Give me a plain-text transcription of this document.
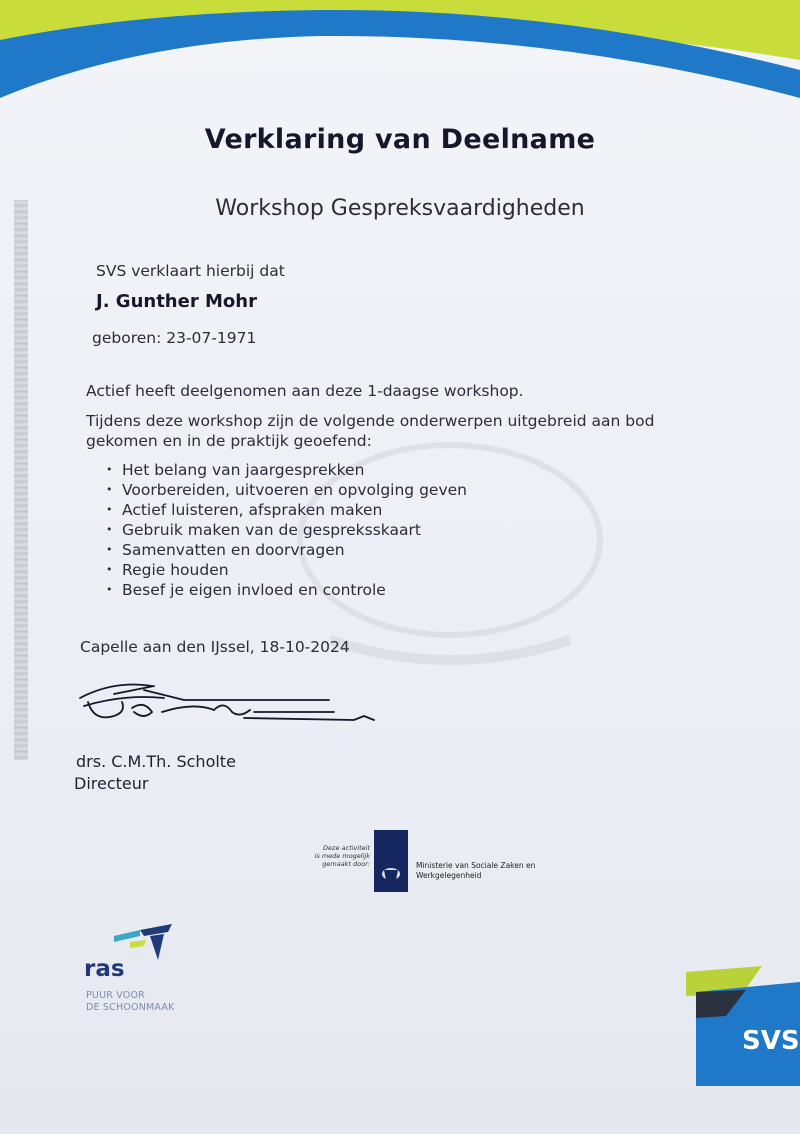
Verklaring van Deelname
Workshop Gespreksvaardigheden
SVS verklaart hierbij dat
J. Gunther Mohr
geboren: 23-07-1971
Actief heeft deelgenomen aan deze 1-daagse workshop.
Tijdens deze workshop zijn de volgende onderwerpen uitgebreid aan bod
gekomen en in de praktijk geoefend:
• Het belang van jaargesprekken
• Voorbereiden, uitvoeren en opvolging geven
• Actief luisteren, afspraken maken
• Gebruik maken van de gespreksskaart
• Samenvatten en doorvragen
• Regie houden
• Besef je eigen invloed en controle
Capelle aan den IJssel, 18-10-2024
drs. C.M.Th. Scholte
Directeur
Deze activiteit
is mede mogelijk
gemaakt door:	Ministerie van Sociale Zaken en
Werkgelegenheid
ras
PUUR VOOR
DE SCHOONMAAK
SVS
